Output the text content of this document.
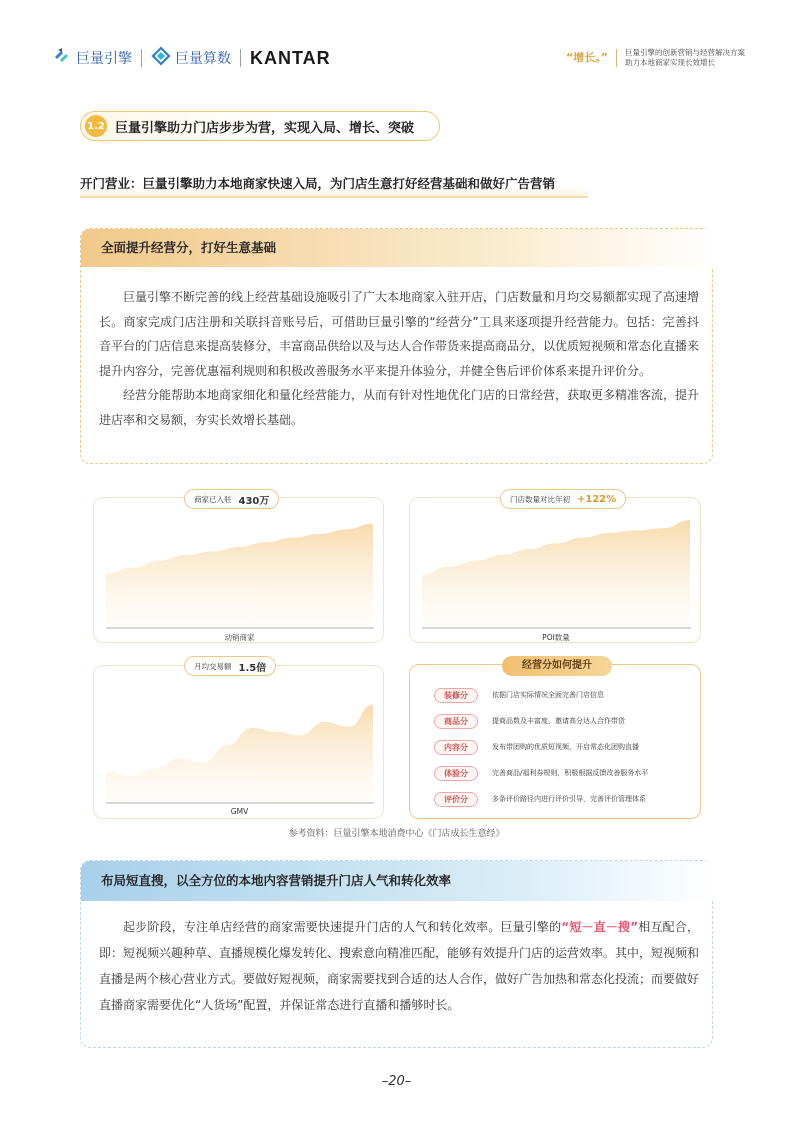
巨量引擎	巨量算数 KANTAR	“增长。”	巨量引擎的创新营销与经营解决方案
助力本地商家实现长效增长
1.2 巨量引擎助力门店步步为营，实现入局、增长、突破
开门营业：巨量引擎助力本地商家快速入局，为门店生意打好经营基础和做好广告营销
全面提升经营分，打好生意基础

巨量引擎不断完善的线上经营基础设施吸引了广大本地商家入驻开店，门店数量和月均交易额都实现了高速增长。商家完成门店注册和关联抖音账号后，可借助巨量引擎的“经营分”工具来逐项提升经营能力。包括：完善抖音平台的门店信息来提高装修分，丰富商品供给以及与达人合作带货来提高商品分，以优质短视频和常态化直播来提升内容分，完善优惠福利规则和积极改善服务水平来提升体验分，并健全售后评价体系来提升评价分。

经营分能帮助本地商家细化和量化经营能力，从而有针对性地优化门店的日常经营，获取更多精准客流，提升进店率和交易额，夯实长效增长基础。

商家已入驻 430万
动销商家
门店数量对比年初 +122%
POI数量
月均交易额 1.5倍
GMV
经营分如何提升
装修分	依据门店实际情况全面完善门店信息
商品分	提商品数及丰富度，邀请高分达人合作带货
内容分	发布带团购的优质短视频，开启常态化团购直播
体验分	完善商品/福利券规则，积极根据反馈改善服务水平
评价分	多条评价路径内进行评价引导，完善评价管理体系
参考资料：巨量引擎本地消费中心《门店成长生意经》
布局短直搜，以全方位的本地内容营销提升门店人气和转化效率

起步阶段，专注单店经营的商家需要快速提升门店的人气和转化效率。巨量引擎的“短－直－搜”相互配合，即：短视频兴趣种草、直播规模化爆发转化、搜索意向精准匹配，能够有效提升门店的运营效率。其中，短视频和直播是两个核心营业方式。要做好短视频，商家需要找到合适的达人合作，做好广告加热和常态化投流；而要做好直播商家需要优化“人货场”配置，并保证常态进行直播和播够时长。

–20–
